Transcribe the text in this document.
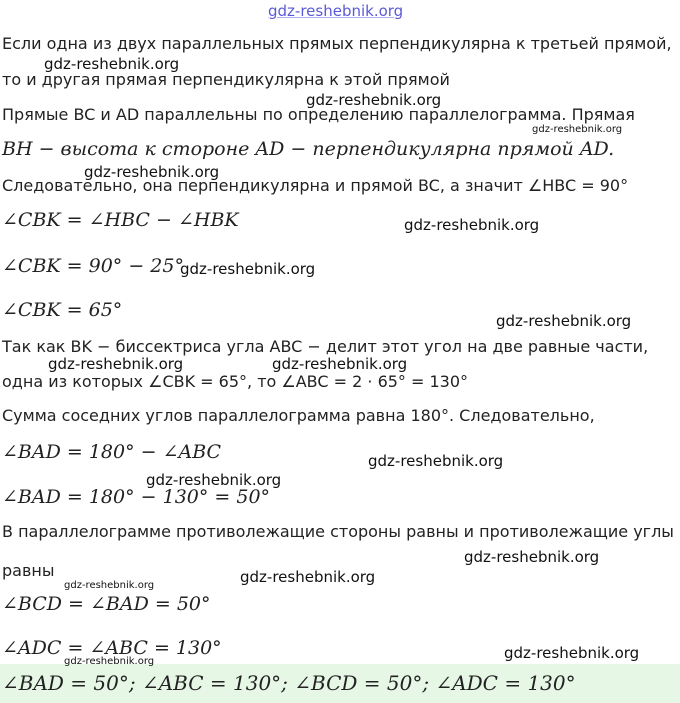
gdz-reshebnik.org
Если одна из двух параллельных прямых перпендикулярна к третьей прямой,
то и другая прямая перпендикулярна к этой прямой
Прямые BC и AD параллельны по определению параллелограмма. Прямая
BH − высота к стороне AD − перпендикулярна прямой AD.
Следовательно, она перпендикулярна и прямой BC, а значит ∠HBC = 90°
∠CBK = ∠HBC − ∠HBK
∠CBK = 90° − 25°
∠CBK = 65°
Так как BK − биссектриса угла ABC − делит этот угол на две равные части,
одна из которых ∠CBK = 65°, то ∠ABC = 2 · 65° = 130°
Сумма соседних углов параллелограмма равна 180°. Следовательно,
∠BAD = 180° − ∠ABC
∠BAD = 180° − 130° = 50°
В параллелограмме противолежащие стороны равны и противолежащие углы
равны
∠BCD = ∠BAD = 50°
∠ADC = ∠ABC = 130°
∠BAD = 50°; ∠ABC = 130°; ∠BCD = 50°; ∠ADC = 130°
gdz-reshebnik.org
gdz-reshebnik.org
gdz-reshebnik.org
gdz-reshebnik.org
gdz-reshebnik.org
gdz-reshebnik.org
gdz-reshebnik.org
gdz-reshebnik.org	gdz-reshebnik.org
gdz-reshebnik.org
gdz-reshebnik.org
gdz-reshebnik.org
gdz-reshebnik.org
gdz-reshebnik.org
gdz-reshebnik.org
gdz-reshebnik.org
